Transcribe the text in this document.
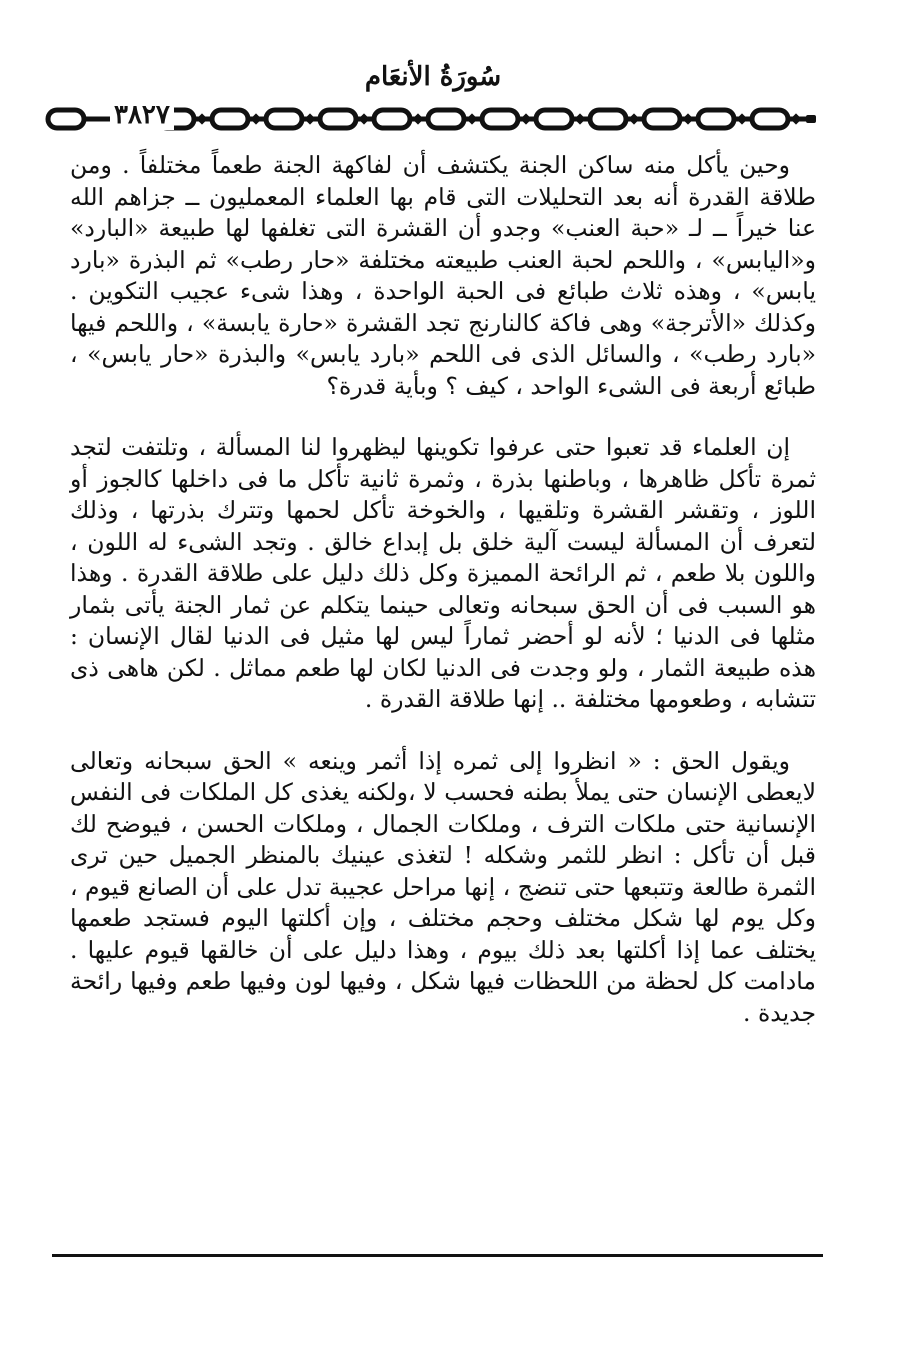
سُورَةُ الأنعَام
٣٨٢٧

وحين يأكل منه ساكن الجنة يكتشف أن لفاكهة الجنة طعماً مختلفاً . ومن طلاقة القدرة أنه بعد التحليلات التى قام بها العلماء المعمليون ــ جزاهم الله عنا خيراً ــ لـ «حبة العنب» وجدو أن القشرة التى تغلفها لها طبيعة «البارد» و«اليابس» ، واللحم لحبة العنب طبيعته مختلفة «حار رطب» ثم البذرة «بارد يابس» ، وهذه ثلاث طبائع فى الحبة الواحدة ، وهذا شىء عجيب التكوين . وكذلك «الأترجة» وهى فاكة كالنارنج تجد القشرة «حارة يابسة» ، واللحم فيها «بارد رطب» ، والسائل الذى فى اللحم «بارد يابس» والبذرة «حار يابس» ، طبائع أربعة فى الشىء الواحد ، كيف ؟ وبأية قدرة؟

إن العلماء قد تعبوا حتى عرفوا تكوينها ليظهروا لنا المسألة ، وتلتفت لتجد ثمرة تأكل ظاهرها ، وباطنها بذرة ، وثمرة ثانية تأكل ما فى داخلها كالجوز أو اللوز ، وتقشر القشرة وتلقيها ، والخوخة تأكل لحمها وتترك بذرتها ، وذلك لتعرف أن المسألة ليست آلية خلق بل إبداع خالق . وتجد الشىء له اللون ، واللون بلا طعم ، ثم الرائحة المميزة وكل ذلك دليل على طلاقة القدرة . وهذا هو السبب فى أن الحق سبحانه وتعالى حينما يتكلم عن ثمار الجنة يأتى بثمار مثلها فى الدنيا ؛ لأنه لو أحضر ثماراً ليس لها مثيل فى الدنيا لقال الإنسان : هذه طبيعة الثمار ، ولو وجدت فى الدنيا لكان لها طعم مماثل . لكن هاهى ذى تتشابه ، وطعومها مختلفة .. إنها طلاقة القدرة .

ويقول الحق : « انظروا إلى ثمره إذا أثمر وينعه » الحق سبحانه وتعالى لايعطى الإنسان حتى يملأ بطنه فحسب لا ،ولكنه يغذى كل الملكات فى النفس الإنسانية حتى ملكات الترف ، وملكات الجمال ، وملكات الحسن ، فيوضح لك قبل أن تأكل : انظر للثمر وشكله ! لتغذى عينيك بالمنظر الجميل حين ترى الثمرة طالعة وتتبعها حتى تنضج ، إنها مراحل عجيبة تدل على أن الصانع قيوم ، وكل يوم لها شكل مختلف وحجم مختلف ، وإن أكلتها اليوم فستجد طعمها يختلف عما إذا أكلتها بعد ذلك بيوم ، وهذا دليل على أن خالقها قيوم عليها . مادامت كل لحظة من اللحظات فيها شكل ، وفيها لون وفيها طعم وفيها رائحة جديدة .
